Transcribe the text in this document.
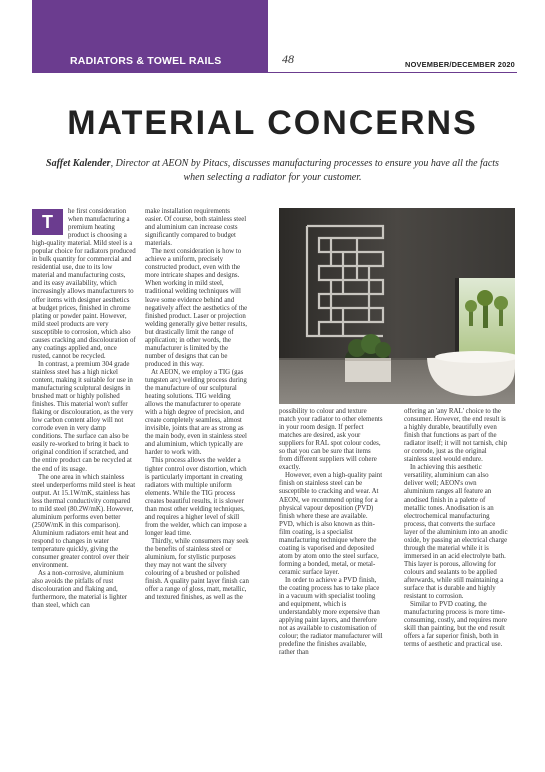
RADIATORS & TOWEL RAILS	48	NOVEMBER/DECEMBER 2020
MATERIAL CONCERNS
Saffet Kalender, Director at AEON by Pitacs, discusses manufacturing processes to ensure you have all the facts when selecting a radiator for your customer.
T

he first consideration when manufacturing a premium heating product is choosing a high-quality material. Mild steel is a popular choice for radiators produced in bulk quantity for commercial and residential use, due to its low material and manufacturing costs, and its easy availability, which increasingly allows manufacturers to offer items with designer aesthetics at budget prices, finished in chrome plating or powder paint. However, mild steel products are very susceptible to corrosion, which also causes cracking and discolouration of any coatings applied and, once rusted, cannot be recycled.

In contrast, a premium 304 grade stainless steel has a high nickel content, making it suitable for use in manufacturing sculptural designs in brushed matt or highly polished finishes. This material won't suffer flaking or discolouration, as the very low carbon content alloy will not corrode even in very damp conditions. The surface can also be easily re-worked to bring it back to original condition if scratched, and the entire product can be recycled at the end of its usage.

The one area in which stainless steel underperforms mild steel is heat output. At 15.1W/mK, stainless has less thermal conductivity compared to mild steel (80.2W/mK). However, aluminium performs even better (250W/mK in this comparison). Aluminium radiators emit heat and respond to changes in water temperature quickly, giving the consumer greater control over their environment.

As a non-corrosive, aluminium also avoids the pitfalls of rust discolouration and flaking and, furthermore, the material is lighter than steel, which can

make installation requirements easier. Of course, both stainless steel and aluminium can increase costs significantly compared to budget materials.

The next consideration is how to achieve a uniform, precisely constructed product, even with the more intricate shapes and designs. When working in mild steel, traditional welding techniques will leave some evidence behind and negatively affect the aesthetics of the finished product. Laser or projection welding generally give better results, but drastically limit the range of application; in other words, the manufacturer is limited by the number of designs that can be produced in this way.

At AEON, we employ a TIG (gas tungsten arc) welding process during the manufacture of our sculptural heating solutions. TIG welding allows the manufacturer to operate with a high degree of precision, and create completely seamless, almost invisible, joints that are as strong as the main body, even in stainless steel and aluminium, which typically are harder to work with.

This process allows the welder a tighter control over distortion, which is particularly important in creating radiators with multiple uniform elements. While the TIG process creates beautiful results, it is slower than most other welding techniques, and requires a higher level of skill from the welder, which can impose a longer lead time.

Thirdly, while consumers may seek the benefits of stainless steel or aluminium, for stylistic purposes they may not want the silvery colouring of a brushed or polished finish. A quality paint layer finish can offer a range of gloss, matt, metallic, and textured finishes, as well as the

possibility to colour and texture match your radiator to other elements in your room design. If perfect matches are desired, ask your suppliers for RAL spot colour codes, so that you can be sure that items from different suppliers will cohere exactly.

However, even a high-quality paint finish on stainless steel can be susceptible to cracking and wear. At AEON, we recommend opting for a physical vapour deposition (PVD) finish where these are available. PVD, which is also known as thin-film coating, is a specialist manufacturing technique where the coating is vaporised and deposited atom by atom onto the steel surface, forming a bonded, metal, or metal-ceramic surface layer.

In order to achieve a PVD finish, the coating process has to take place in a vacuum with specialist tooling and equipment, which is understandably more expensive than applying paint layers, and therefore not as available to customisation of colour; the radiator manufacturer will predefine the finishes available, rather than

offering an 'any RAL' choice to the consumer. However, the end result is a highly durable, beautifully even finish that functions as part of the radiator itself; it will not tarnish, chip or corrode, just as the original stainless steel would endure.

In achieving this aesthetic versatility, aluminium can also deliver well; AEON's own aluminium ranges all feature an anodised finish in a palette of metallic tones. Anodisation is an electrochemical manufacturing process, that converts the surface layer of the aluminium into an anodic oxide, by passing an electrical charge through the material while it is immersed in an acid electrolyte bath. This layer is porous, allowing for colours and sealants to be applied afterwards, while still maintaining a surface that is durable and highly resistant to corrosion.

Similar to PVD coating, the manufacturing process is more time-consuming, costly, and requires more skill than painting, but the end result offers a far superior finish, both in terms of aesthetic and practical use.
